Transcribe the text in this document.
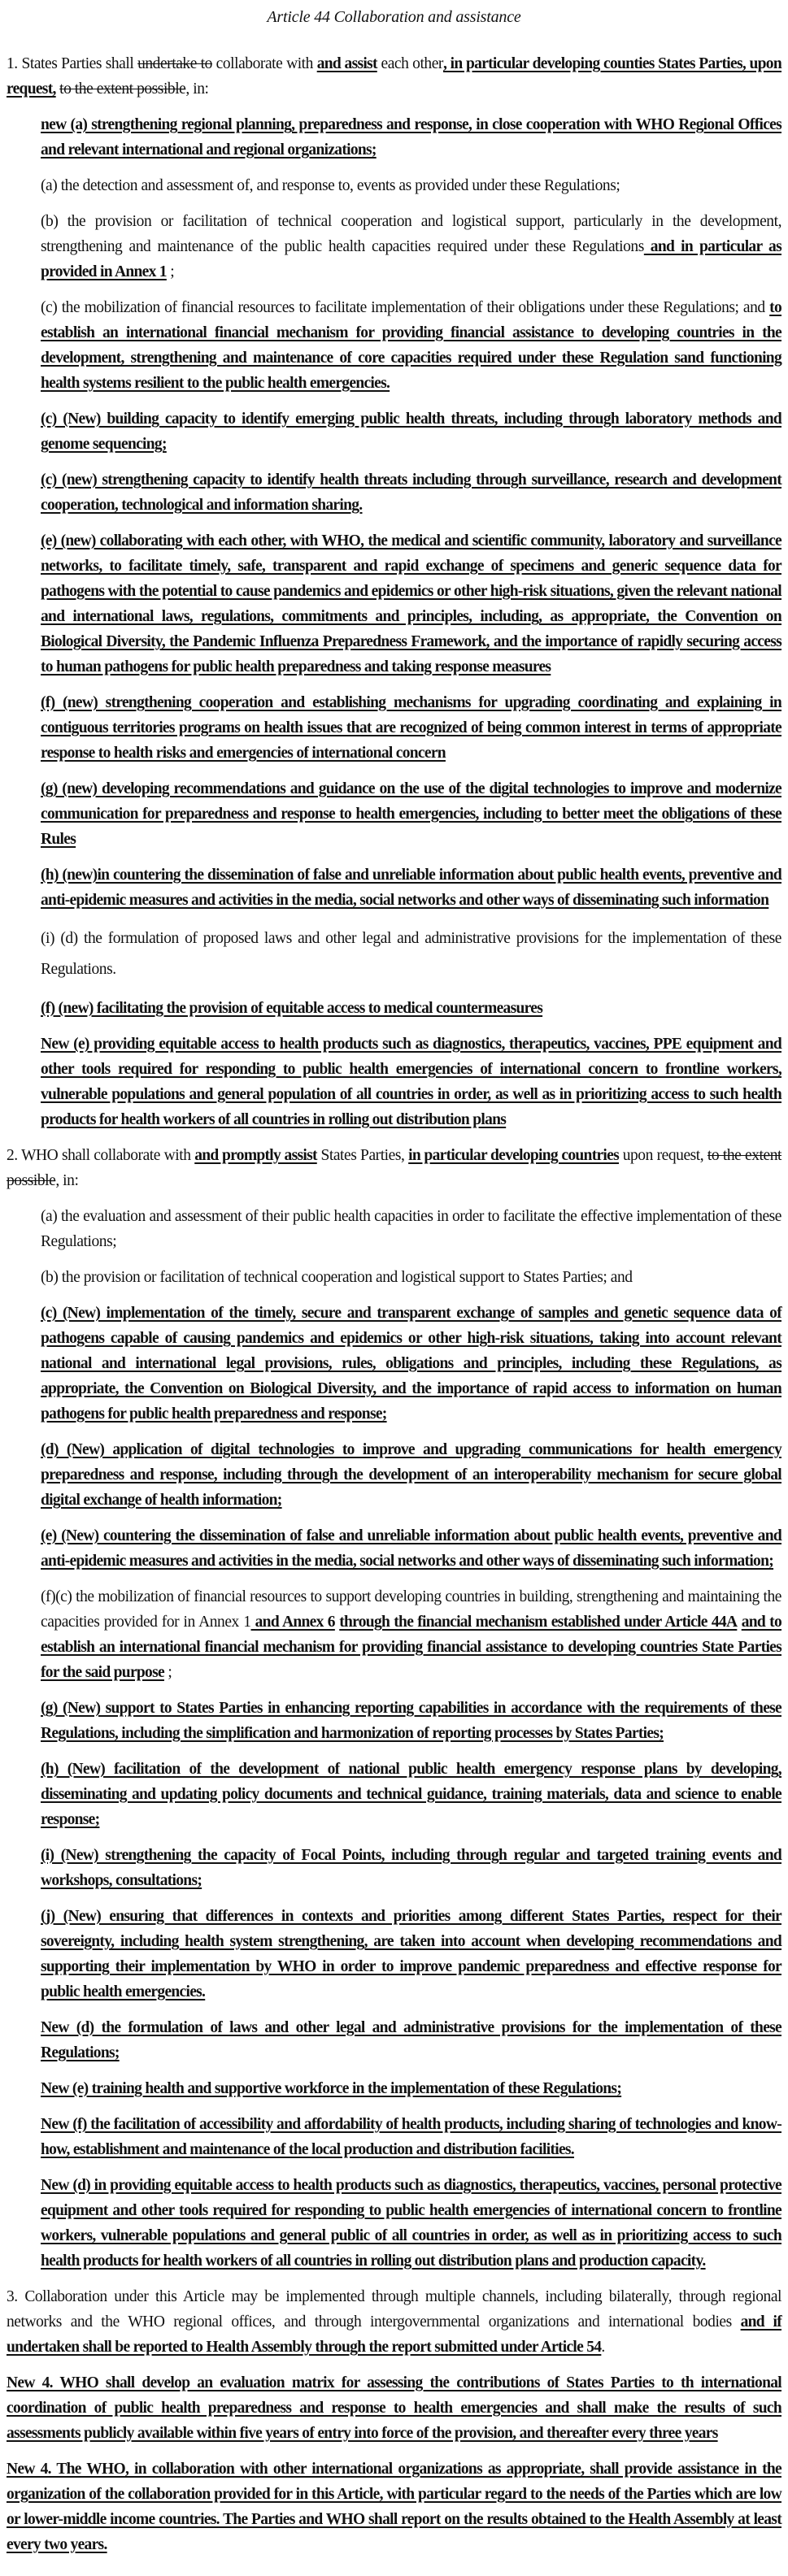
Article 44 Collaboration and assistance

1. States Parties shall undertake to collaborate with and assist each other, in particular developing counties States Parties, upon request, to the extent possible, in:

new (a) strengthening regional planning, preparedness and response, in close cooperation with WHO Regional Offices and relevant international and regional organizations;

(a) the detection and assessment of, and response to, events as provided under these Regulations;

(b) the provision or facilitation of technical cooperation and logistical support, particularly in the development, strengthening and maintenance of the public health capacities required under these Regulations and in particular as provided in Annex 1 ;

(c) the mobilization of financial resources to facilitate implementation of their obligations under these Regulations; and to establish an international financial mechanism for providing financial assistance to developing countries in the development, strengthening and maintenance of core capacities required under these Regulation sand functioning health systems resilient to the public health emergencies.

(c) (New) building capacity to identify emerging public health threats, including through laboratory methods and genome sequencing;

(c) (new) strengthening capacity to identify health threats including through surveillance, research and development cooperation, technological and information sharing.

(e) (new) collaborating with each other, with WHO, the medical and scientific community, laboratory and surveillance networks, to facilitate timely, safe, transparent and rapid exchange of specimens and generic sequence data for pathogens with the potential to cause pandemics and epidemics or other high-risk situations, given the relevant national and international laws, regulations, commitments and principles, including, as appropriate, the Convention on Biological Diversity, the Pandemic Influenza Preparedness Framework, and the importance of rapidly securing access to human pathogens for public health preparedness and taking response measures

(f) (new) strengthening cooperation and establishing mechanisms for upgrading coordinating and explaining in contiguous territories programs on health issues that are recognized of being common interest in terms of appropriate response to health risks and emergencies of international concern

(g) (new) developing recommendations and guidance on the use of the digital technologies to improve and modernize communication for preparedness and response to health emergencies, including to better meet the obligations of these Rules

(h) (new)in countering the dissemination of false and unreliable information about public health events, preventive and anti-epidemic measures and activities in the media, social networks and other ways of disseminating such information

(i) (d) the formulation of proposed laws and other legal and administrative provisions for the implementation of these Regulations.

(f) (new) facilitating the provision of equitable access to medical countermeasures

New (e) providing equitable access to health products such as diagnostics, therapeutics, vaccines, PPE equipment and other tools required for responding to public health emergencies of international concern to frontline workers, vulnerable populations and general population of all countries in order, as well as in prioritizing access to such health products for health workers of all countries in rolling out distribution plans

2. WHO shall collaborate with and promptly assist States Parties, in particular developing countries upon request, to the extent possible, in:

(a) the evaluation and assessment of their public health capacities in order to facilitate the effective implementation of these Regulations;

(b) the provision or facilitation of technical cooperation and logistical support to States Parties; and

(c) (New) implementation of the timely, secure and transparent exchange of samples and genetic sequence data of pathogens capable of causing pandemics and epidemics or other high-risk situations, taking into account relevant national and international legal provisions, rules, obligations and principles, including these Regulations, as appropriate, the Convention on Biological Diversity, and the importance of rapid access to information on human pathogens for public health preparedness and response;

(d) (New) application of digital technologies to improve and upgrading communications for health emergency preparedness and response, including through the development of an interoperability mechanism for secure global digital exchange of health information;

(e) (New) countering the dissemination of false and unreliable information about public health events, preventive and anti-epidemic measures and activities in the media, social networks and other ways of disseminating such information;

(f)(c) the mobilization of financial resources to support developing countries in building, strengthening and maintaining the capacities provided for in Annex 1 and Annex 6 through the financial mechanism established under Article 44A and to establish an international financial mechanism for providing financial assistance to developing countries State Parties for the said purpose ;

(g) (New) support to States Parties in enhancing reporting capabilities in accordance with the requirements of these Regulations, including the simplification and harmonization of reporting processes by States Parties;

(h) (New) facilitation of the development of national public health emergency response plans by developing, disseminating and updating policy documents and technical guidance, training materials, data and science to enable response;

(i) (New) strengthening the capacity of Focal Points, including through regular and targeted training events and workshops, consultations;

(j) (New) ensuring that differences in contexts and priorities among different States Parties, respect for their sovereignty, including health system strengthening, are taken into account when developing recommendations and supporting their implementation by WHO in order to improve pandemic preparedness and effective response for public health emergencies.

New (d) the formulation of laws and other legal and administrative provisions for the implementation of these Regulations;

New (e) training health and supportive workforce in the implementation of these Regulations;

New (f) the facilitation of accessibility and affordability of health products, including sharing of technologies and know-how, establishment and maintenance of the local production and distribution facilities.

New (d) in providing equitable access to health products such as diagnostics, therapeutics, vaccines, personal protective equipment and other tools required for responding to public health emergencies of international concern to frontline workers, vulnerable populations and general public of all countries in order, as well as in prioritizing access to such health products for health workers of all countries in rolling out distribution plans and production capacity.

3. Collaboration under this Article may be implemented through multiple channels, including bilaterally, through regional networks and the WHO regional offices, and through intergovernmental organizations and international bodies and if undertaken shall be reported to Health Assembly through the report submitted under Article 54.

New 4. WHO shall develop an evaluation matrix for assessing the contributions of States Parties to th international coordination of public health preparedness and response to health emergencies and shall make the results of such assessments publicly available within five years of entry into force of the provision, and thereafter every three years

New 4. The WHO, in collaboration with other international organizations as appropriate, shall provide assistance in the organization of the collaboration provided for in this Article, with particular regard to the needs of the Parties which are low or lower-middle income countries. The Parties and WHO shall report on the results obtained to the Health Assembly at least every two years.
